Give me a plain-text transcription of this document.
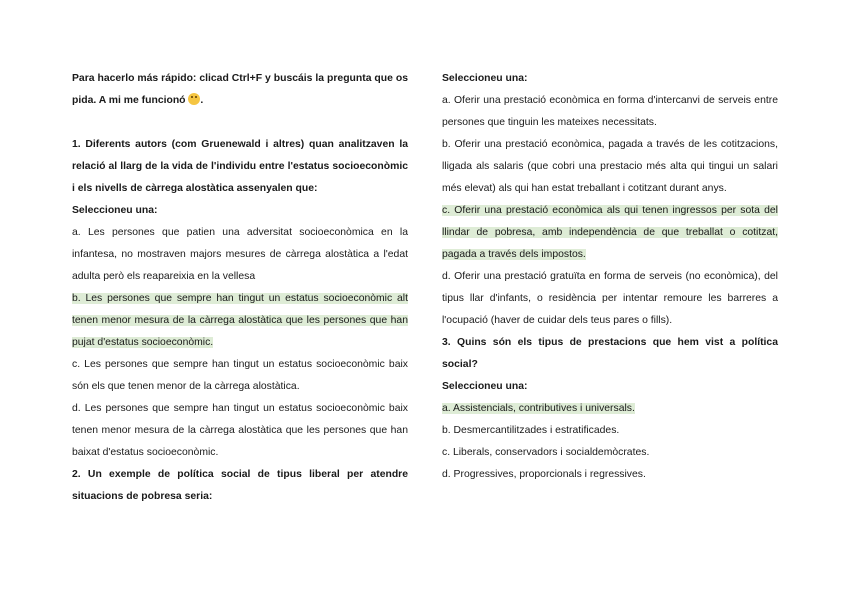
Para hacerlo más rápido: clicad Ctrl+F y buscáis la pregunta que os pida. A mi me funcionó .

1. Diferents autors (com Gruenewald i altres) quan analitzaven la relació al llarg de la vida de l'individu entre l'estatus socioeconòmic i els nivells de càrrega alostàtica assenyalen que:

Seleccioneu una:

a. Les persones que patien una adversitat socioeconòmica en la infantesa, no mostraven majors mesures de càrrega alostàtica a l'edat adulta però els reapareixia en la vellesa

b. Les persones que sempre han tingut un estatus socioeconòmic alt tenen menor mesura de la càrrega alostàtica que les persones que han pujat d'estatus socioeconòmic.

c. Les persones que sempre han tingut un estatus socioeconòmic baix són els que tenen menor de la càrrega alostàtica.

d. Les persones que sempre han tingut un estatus socioeconòmic baix tenen menor mesura de la càrrega alostàtica que les persones que han baixat d'estatus socioeconòmic.

2. Un exemple de política social de tipus liberal per atendre situacions de pobresa seria:

Seleccioneu una:

a. Oferir una prestació econòmica en forma d'intercanvi de serveis entre persones que tinguin les mateixes necessitats.

b. Oferir una prestació econòmica, pagada a través de les cotitzacions, lligada als salaris (que cobri una prestacio més alta qui tingui un salari més elevat) als qui han estat treballant i cotitzant durant anys.

c. Oferir una prestació econòmica als qui tenen ingressos per sota del llindar de pobresa, amb independència de que treballat o cotitzat, pagada a través dels impostos.

d. Oferir una prestació gratuïta en forma de serveis (no econòmica), del tipus llar d'infants, o residència per intentar remoure les barreres a l'ocupació (haver de cuidar dels teus pares o fills).

3. Quins són els tipus de prestacions que hem vist a política social?

Seleccioneu una:

a. Assistencials, contributives i universals.

b. Desmercantilitzades i estratificades.

c. Liberals, conservadors i socialdemòcrates.

d. Progressives, proporcionals i regressives.
